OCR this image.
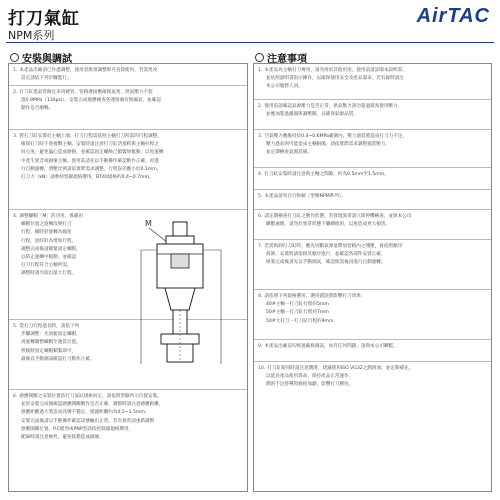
打刀氣缸
NPM系列
AirTAC
安裝與調試	注意事項
1. 本產品出廠前已作過調整，使用者無須調整即可直接使用，若需更改
設定請依下列步驟進行。
2. 打刀缸進氣管路宜采用硬管，管路連接應確保氣密，供氣壓力不超
過0.9MPa（130psi），安裝完成後應檢查各連接處有無漏氣，並確認
動作是否順暢。
3. 將打刀缸安裝於主軸上端，打刀行程需依照主軸打刀所需的行程調整，
確保打刀時不會撞擊主軸，安裝時請注意打刀缸活塞桿與主軸拉桿之
同心度，避免偏心造成磨損，並確認固定螺絲已鎖緊無鬆動，以免運轉
中產生異音或損壞主軸。使用前請先以手動操作確認動作正確，再進
行自動運轉，增壓比例請依實際需求調整，行程誤差應小於0.1mm。
打刀力（kN）請參照型錄規格選用，BT40規格約0.4~0.7mm。
4. 調整螺帽「M」的功用，係藉由
螺帽位置之旋轉改變打刀
行程，順時針旋轉為縮短
行程，逆時針為增加行程，
調整完成後請鎖緊固定螺帽，
以防止運轉中鬆動，並確認
打刀行程符合主軸所需，
調整時請勿超出最大行程。
5. 當打刀行程過長時，請依下列
步驟調整：先放鬆固定螺帽，
再旋轉調整螺帽至適當位置，
然後將固定螺帽鎖緊即可，
最後以手動測試確認打刀動作正確。
6. 感應開關之安裝位置依打刀氣缸規格而定，請依照型錄所示位置安裝，
並於安裝完成後確認感應開關動作是否正確，調整時請注意感應距離，
感應距離過大將造成訊號不穩定，建議距離約為0.5~1.5mm，
安裝完成後請以手動操作確認訊號輸出正常，若有異常請重新調整
感應開關位置，P.C板型或PNP型請依控制器規格選用，
配線時請注意極性，避免接錯造成損壞。
M
1. 本產品為主軸打刀專用，請勿用於其他用途，使用前請詳閱本說明書，
並依照說明書指示操作，以確保使用安全及產品壽命，若有疑問請洽
本公司服務人員。
2. 使用前請確認氣源壓力是否正常，供氣壓力請勿超過最高使用壓力，
並應加裝過濾器與調壓閥，以確保氣源品質。
3. 空氣壓力應維持於0.4~0.6MPa範圍內，壓力過低將造成打刀力不足，
壓力過高則可能造成主軸損傷，請依實際需求調整適當壓力，
並定期檢查氣源設備。
4. 打刀缸安裝時請注意與主軸之間隙，約為0.5mm至1.5mm。
5. 本產品請勿自行拆解（型號NPM系列）。
6. 請定期檢查打刀缸之動作狀態，若發現異常請立即停機檢查，並與本公司
聯繫處理，請勿於異常狀態下繼續使用，以免造成更大損害。
7. 若需拆卸打刀缸時，應先切斷氣源並釋放管路內之殘壓，再依照順序
拆卸，安裝時請依相反順序進行，並確認各部件安裝正確，
組裝完成後請先以手動測試，確認無誤後再進行自動運轉。
8. 請依照下列規格選用，選用錯誤將影響打刀效果：
40#主軸－打刀缸行程約5mm
50#主軸－打刀缸行程約7mm
50#大打刀－打刀缸行程約9mm
9. 本產品出廠前均經過嚴格測試，如有任何問題，請與本公司聯繫。
10. 打刀缸使用時請注意潤滑，建議使用ISO VG32之潤滑油，並定期補充，
以延長產品使用壽命，保持產品正常運作，
潤滑不足將導致磨耗加劇，影響打刀精度。
